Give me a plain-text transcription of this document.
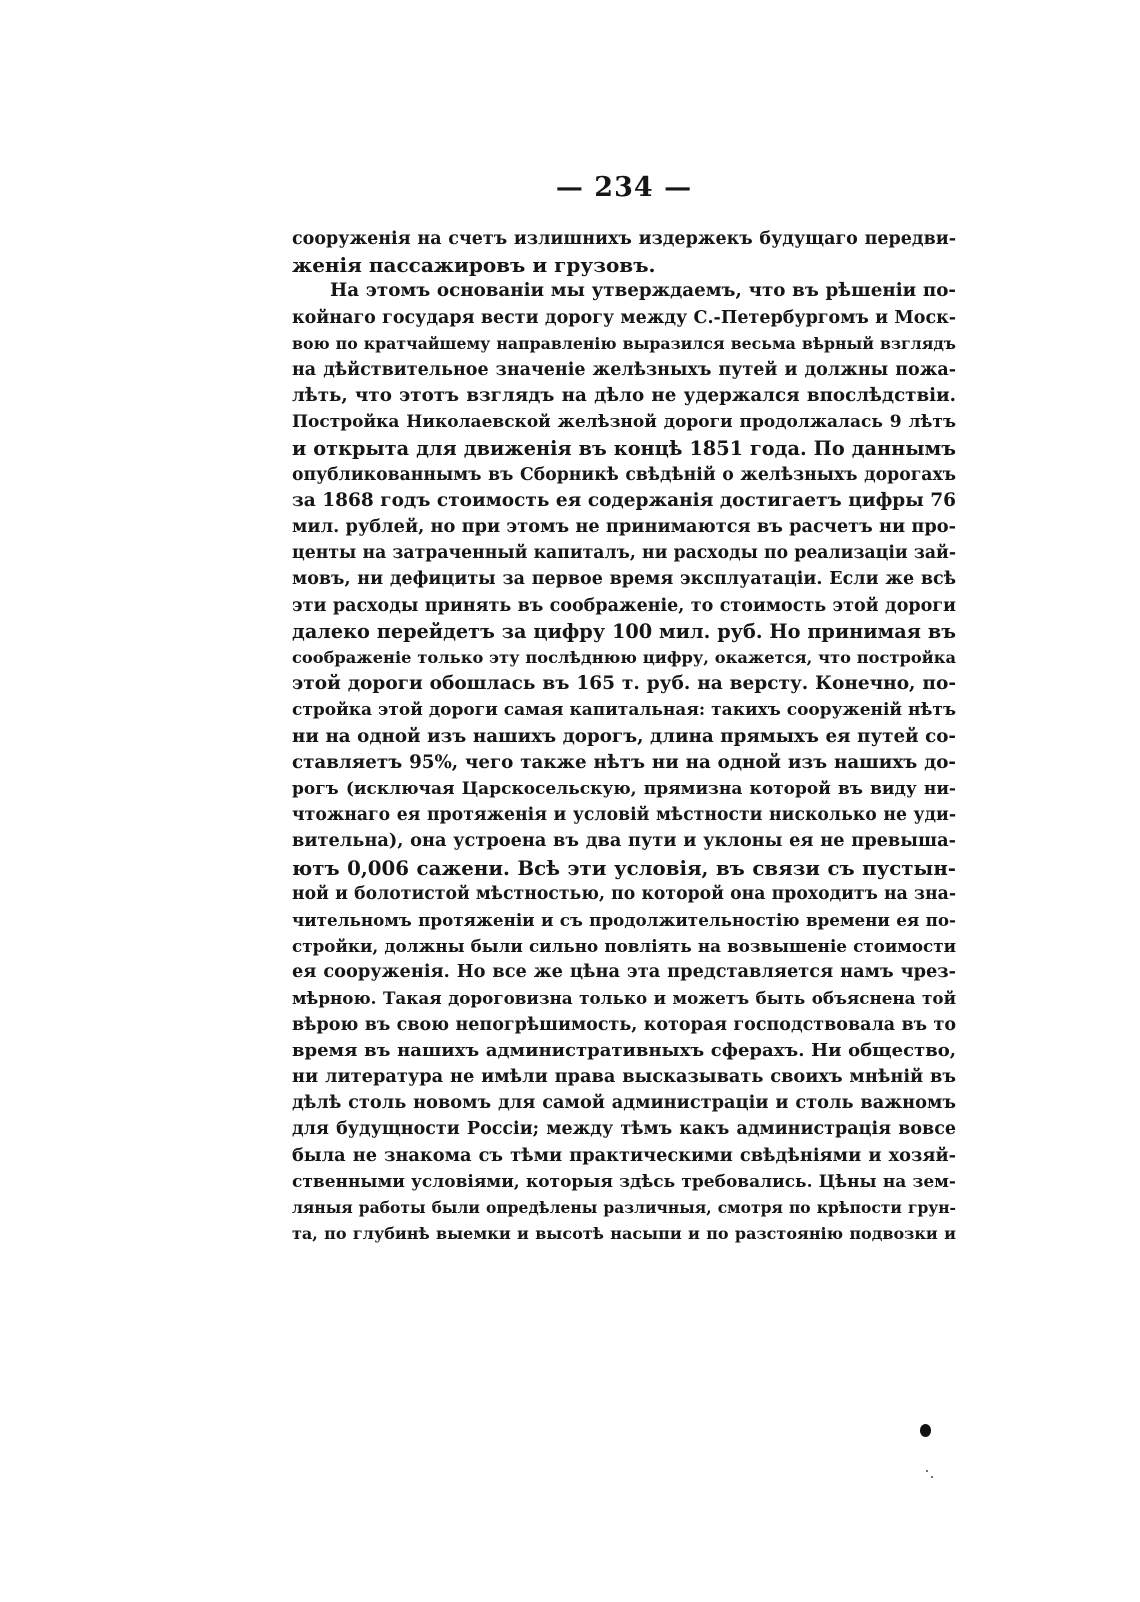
— 234 —
сооруженія на счетъ излишнихъ издержекъ будущаго передви-
женія пассажировъ и грузовъ.
На этомъ основаніи мы утверждаемъ, что въ рѣшеніи по-
койнаго государя вести дорогу между С.-Петербургомъ и Моск-
вою по кратчайшему направленію выразился весьма вѣрный взглядъ
на дѣйствительное значеніе желѣзныхъ путей и должны пожа-
лѣть, что этотъ взглядъ на дѣло не удержался впослѣдствіи.
Постройка Николаевской желѣзной дороги продолжалась 9 лѣтъ
и открыта для движенія въ концѣ 1851 года. По даннымъ
опубликованнымъ въ Сборникѣ свѣдѣній о желѣзныхъ дорогахъ
за 1868 годъ стоимость ея содержанія достигаетъ цифры 76
мил. рублей, но при этомъ не принимаются въ расчетъ ни про-
центы на затраченный капиталъ, ни расходы по реализаціи зай-
мовъ, ни дефициты за первое время эксплуатаціи. Если же всѣ
эти расходы принять въ соображеніе, то стоимость этой дороги
далеко перейдетъ за цифру 100 мил. руб. Но принимая въ
соображеніе только эту послѣднюю цифру, окажется, что постройка
этой дороги обошлась въ 165 т. руб. на версту. Конечно, по-
стройка этой дороги самая капитальная: такихъ сооруженій нѣтъ
ни на одной изъ нашихъ дорогъ, длина прямыхъ ея путей со-
ставляетъ 95%, чего также нѣтъ ни на одной изъ нашихъ до-
рогъ (исключая Царскосельскую, прямизна которой въ виду ни-
чтожнаго ея протяженія и условій мѣстности нисколько не уди-
вительна), она устроена въ два пути и уклоны ея не превыша-
ютъ 0,006 сажени. Всѣ эти условія, въ связи съ пустын-
ной и болотистой мѣстностью, по которой она проходитъ на зна-
чительномъ протяженіи и съ продолжительностію времени ея по-
стройки, должны были сильно повліять на возвышеніе стоимости
ея сооруженія. Но все же цѣна эта представляется намъ чрез-
мѣрною. Такая дороговизна только и можетъ быть объяснена той
вѣрою въ свою непогрѣшимость, которая господствовала въ то
время въ нашихъ административныхъ сферахъ. Ни общество,
ни литература не имѣли права высказывать своихъ мнѣній въ
дѣлѣ столь новомъ для самой администраціи и столь важномъ
для будущности Россіи; между тѣмъ какъ администрація вовсе
была не знакома съ тѣми практическими свѣдѣніями и хозяй-
ственными условіями, которыя здѣсь требовались. Цѣны на зем-
ляныя работы были опредѣлены различныя, смотря по крѣпости грун-
та, по глубинѣ выемки и высотѣ насыпи и по разстоянію подвозки и
